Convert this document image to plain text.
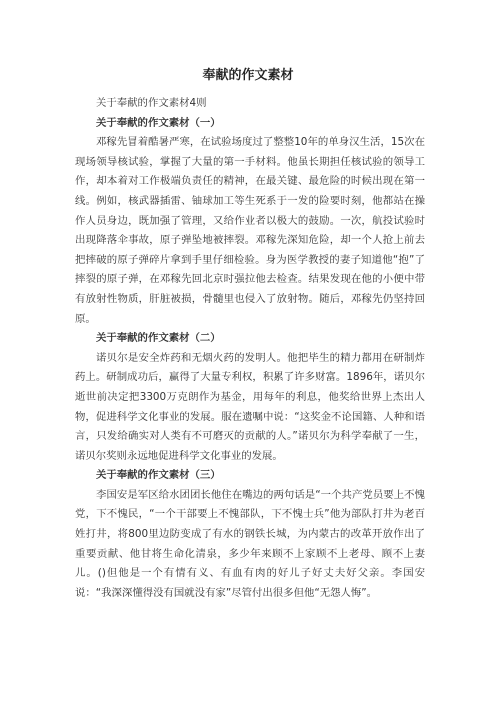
奉献的作文素材

关于奉献的作文素材4则

关于奉献的作文素材（一）

邓稼先冒着酷暑严寒，在试验场度过了整整10年的单身汉生活，15次在现场领导核试验，掌握了大量的第一手材料。他虽长期担任核试验的领导工作，却本着对工作极端负责任的精神，在最关键、最危险的时候出现在第一线。例如，核武器插雷、铀球加工等生死系于一发的险要时刻，他都站在操作人员身边，既加强了管理，又给作业者以极大的鼓励。一次，航投试验时出现降落伞事故，原子弹坠地被摔裂。邓稼先深知危险，却一个人抢上前去把摔破的原子弹碎片拿到手里仔细检验。身为医学教授的妻子知道他“抱”了摔裂的原子弹，在邓稼先回北京时强拉他去检查。结果发现在他的小便中带有放射性物质，肝脏被损，骨髓里也侵入了放射物。随后，邓稼先仍坚持回原。

关于奉献的作文素材（二）

诺贝尔是安全炸药和无烟火药的发明人。他把毕生的精力都用在研制炸药上。研制成功后，赢得了大量专利权，积累了许多财富。1896年，诺贝尔逝世前决定把3300万克朗作为基金，用每年的利息，他奖给世界上杰出人物，促进科学文化事业的发展。服在遗嘱中说：“这奖金不论国籍、人种和语言，只发给确实对人类有不可磨灭的贡献的人。”诺贝尔为科学奉献了一生，诺贝尔奖则永远地促进科学文化事业的发展。

关于奉献的作文素材（三）

李国安是军区给水团团长他住在嘴边的两句话是“一个共产党员要上不愧党，下不愧民，“一个干部要上不愧部队，下不愧士兵”他为部队打井为老百姓打井，将800里边防变成了有水的钢铁长城，为内蒙古的改革开放作出了重要贡献、他甘将生命化清泉，多少年来顾不上家顾不上老母、顾不上妻儿。()但他是一个有情有义、有血有肉的好儿子好丈夫好父亲。李国安说：“我深深懂得没有国就没有家”尽管付出很多但他“无怨人悔”。
